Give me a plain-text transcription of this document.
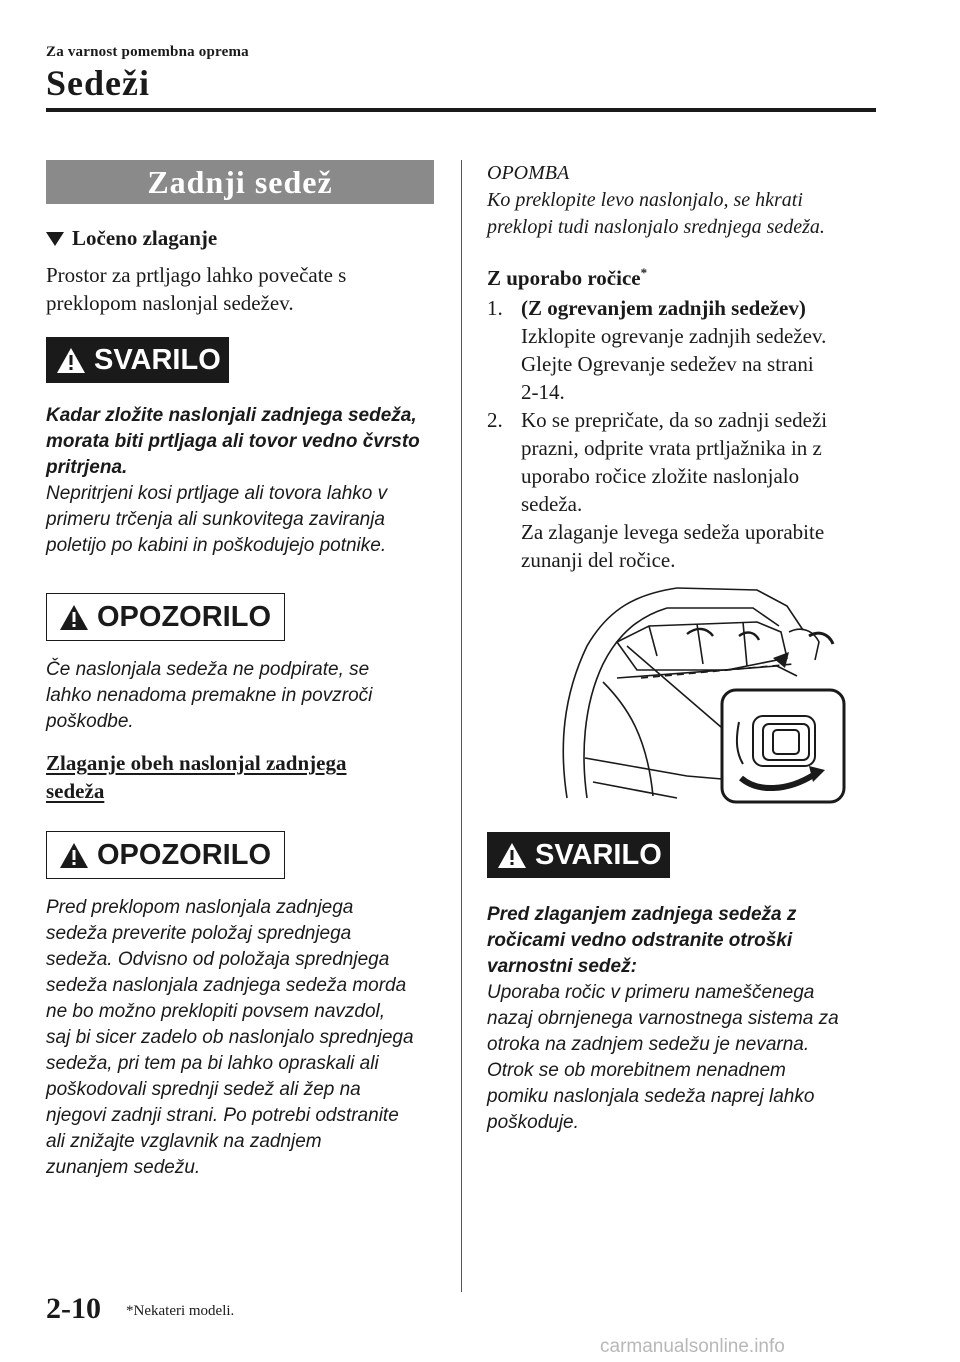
Za varnost pomembna oprema
Sedeži
Zadnji sedež
Ločeno zlaganje
Prostor za prtljago lahko povečate s
preklopom naslonjal sedežev.
SVARILO
Kadar zložite naslonjali zadnjega sedeža,
morata biti prtljaga ali tovor vedno čvrsto
pritrjena.
Nepritrjeni kosi prtljage ali tovora lahko v
primeru trčenja ali sunkovitega zaviranja
poletijo po kabini in poškodujejo potnike.
OPOZORILO
Če naslonjala sedeža ne podpirate, se
lahko nenadoma premakne in povzroči
poškodbe.
Zlaganje obeh naslonjal zadnjega
sedeža
OPOZORILO
Pred preklopom naslonjala zadnjega
sedeža preverite položaj sprednjega
sedeža. Odvisno od položaja sprednjega
sedeža naslonjala zadnjega sedeža morda
ne bo možno preklopiti povsem navzdol,
saj bi sicer zadelo ob naslonjalo sprednjega
sedeža, pri tem pa bi lahko opraskali ali
poškodovali sprednji sedež ali žep na
njegovi zadnji strani. Po potrebi odstranite
ali znižajte vzglavnik na zadnjem
zunanjem sedežu.
OPOMBA
Ko preklopite levo naslonjalo, se hkrati
preklopi tudi naslonjalo srednjega sedeža.
Z uporabo ročice*
1. (Z ogrevanjem zadnjih sedežev)
Izklopite ogrevanje zadnjih sedežev.
Glejte Ogrevanje sedežev na strani
2-14.
2. Ko se prepričate, da so zadnji sedeži
prazni, odprite vrata prtljažnika in z
uporabo ročice zložite naslonjalo
sedeža.
Za zlaganje levega sedeža uporabite
zunanji del ročice.
SVARILO
Pred zlaganjem zadnjega sedeža z
ročicami vedno odstranite otroški
varnostni sedež:
Uporaba ročic v primeru nameščenega
nazaj obrnjenega varnostnega sistema za
otroka na zadnjem sedežu je nevarna.
Otrok se ob morebitnem nenadnem
pomiku naslonjala sedeža naprej lahko
poškoduje.
2-10 *Nekateri modeli.
carmanualsonline.info
